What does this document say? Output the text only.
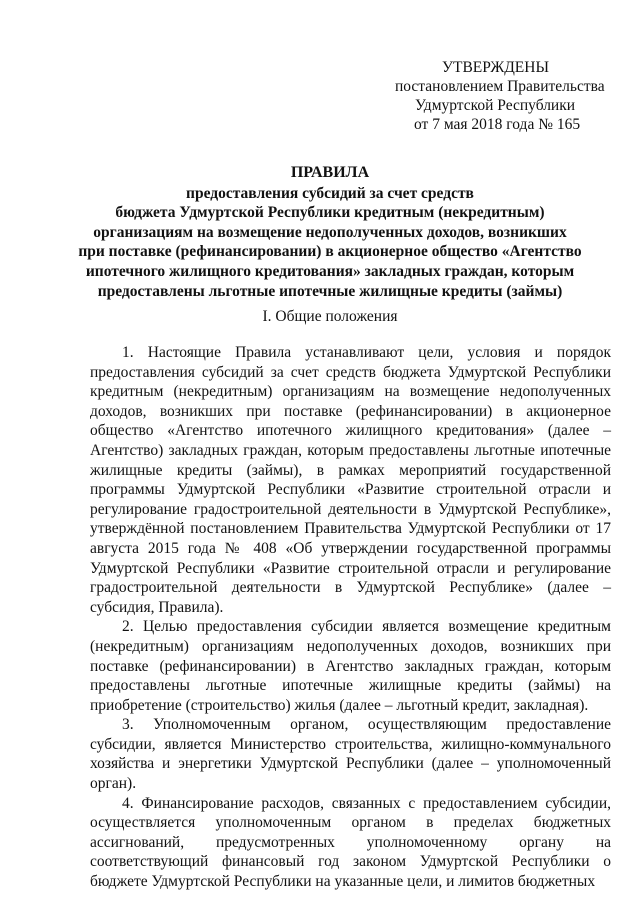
УТВЕРЖДЕНЫ
постановлением Правительства
Удмуртской Республики
от 7 мая 2018 года № 165
ПРАВИЛА
предоставления субсидий за счет средств
бюджета Удмуртской Республики кредитным (некредитным)
организациям на возмещение недополученных доходов, возникших
при поставке (рефинансировании) в акционерное общество «Агентство
ипотечного жилищного кредитования» закладных граждан, которым
предоставлены льготные ипотечные жилищные кредиты (займы)
I. Общие положения

1. Настоящие Правила устанавливают цели, условия и порядок предоставления субсидий за счет средств бюджета Удмуртской Республики кредитным (некредитным) организациям на возмещение недополученных доходов, возникших при поставке (рефинансировании) в акционерное общество «Агентство ипотечного жилищного кредитования» (далее – Агентство) закладных граждан, которым предоставлены льготные ипотечные жилищные кредиты (займы), в рамках мероприятий государственной программы Удмуртской Республики «Развитие строительной отрасли и регулирование градостроительной деятельности в Удмуртской Республике», утверждённой постановлением Правительства Удмуртской Республики от 17 августа 2015 года № 408 «Об утверждении государственной программы Удмуртской Республики «Развитие строительной отрасли и регулирование градостроительной деятельности в Удмуртской Республике» (далее – субсидия, Правила).

2. Целью предоставления субсидии является возмещение кредитным (некредитным) организациям недополученных доходов, возникших при поставке (рефинансировании) в Агентство закладных граждан, которым предоставлены льготные ипотечные жилищные кредиты (займы) на приобретение (строительство) жилья (далее – льготный кредит, закладная).

3. Уполномоченным органом, осуществляющим предоставление субсидии, является Министерство строительства, жилищно-коммунального хозяйства и энергетики Удмуртской Республики (далее – уполномоченный орган).

4. Финансирование расходов, связанных с предоставлением субсидии, осуществляется уполномоченным органом в пределах бюджетных ассигнований, предусмотренных уполномоченному органу на соответствующий финансовый год законом Удмуртской Республики о бюджете Удмуртской Республики на указанные цели, и лимитов бюджетных
